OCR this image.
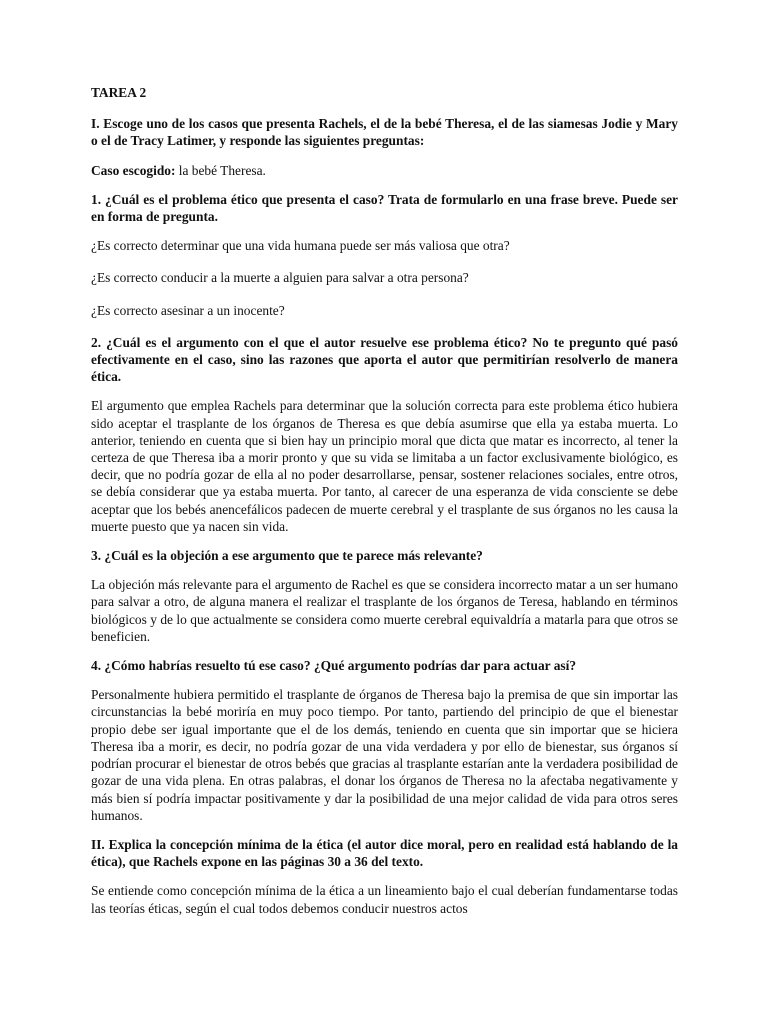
TAREA 2

I. Escoge uno de los casos que presenta Rachels, el de la bebé Theresa, el de las siamesas Jodie y Mary o el de Tracy Latimer, y responde las siguientes preguntas:

Caso escogido: la bebé Theresa.

1. ¿Cuál es el problema ético que presenta el caso? Trata de formularlo en una frase breve. Puede ser en forma de pregunta.

¿Es correcto determinar que una vida humana puede ser más valiosa que otra?

¿Es correcto conducir a la muerte a alguien para salvar a otra persona?

¿Es correcto asesinar a un inocente?

2. ¿Cuál es el argumento con el que el autor resuelve ese problema ético? No te pregunto qué pasó efectivamente en el caso, sino las razones que aporta el autor que permitirían resolverlo de manera ética.

El argumento que emplea Rachels para determinar que la solución correcta para este problema ético hubiera sido aceptar el trasplante de los órganos de Theresa es que debía asumirse que ella ya estaba muerta. Lo anterior, teniendo en cuenta que si bien hay un principio moral que dicta que matar es incorrecto, al tener la certeza de que Theresa iba a morir pronto y que su vida se limitaba a un factor exclusivamente biológico, es decir, que no podría gozar de ella al no poder desarrollarse, pensar, sostener relaciones sociales, entre otros, se debía considerar que ya estaba muerta. Por tanto, al carecer de una esperanza de vida consciente se debe aceptar que los bebés anencefálicos padecen de muerte cerebral y el trasplante de sus órganos no les causa la muerte puesto que ya nacen sin vida.

3. ¿Cuál es la objeción a ese argumento que te parece más relevante?

La objeción más relevante para el argumento de Rachel es que se considera incorrecto matar a un ser humano para salvar a otro, de alguna manera el realizar el trasplante de los órganos de Teresa, hablando en términos biológicos y de lo que actualmente se considera como muerte cerebral equivaldría a matarla para que otros se beneficien.

4. ¿Cómo habrías resuelto tú ese caso? ¿Qué argumento podrías dar para actuar así?

Personalmente hubiera permitido el trasplante de órganos de Theresa bajo la premisa de que sin importar las circunstancias la bebé moriría en muy poco tiempo. Por tanto, partiendo del principio de que el bienestar propio debe ser igual importante que el de los demás, teniendo en cuenta que sin importar que se hiciera Theresa iba a morir, es decir, no podría gozar de una vida verdadera y por ello de bienestar, sus órganos sí podrían procurar el bienestar de otros bebés que gracias al trasplante estarían ante la verdadera posibilidad de gozar de una vida plena. En otras palabras, el donar los órganos de Theresa no la afectaba negativamente y más bien sí podría impactar positivamente y dar la posibilidad de una mejor calidad de vida para otros seres humanos.

II. Explica la concepción mínima de la ética (el autor dice moral, pero en realidad está hablando de la ética), que Rachels expone en las páginas 30 a 36 del texto.

Se entiende como concepción mínima de la ética a un lineamiento bajo el cual deberían fundamentarse todas las teorías éticas, según el cual todos debemos conducir nuestros actos
